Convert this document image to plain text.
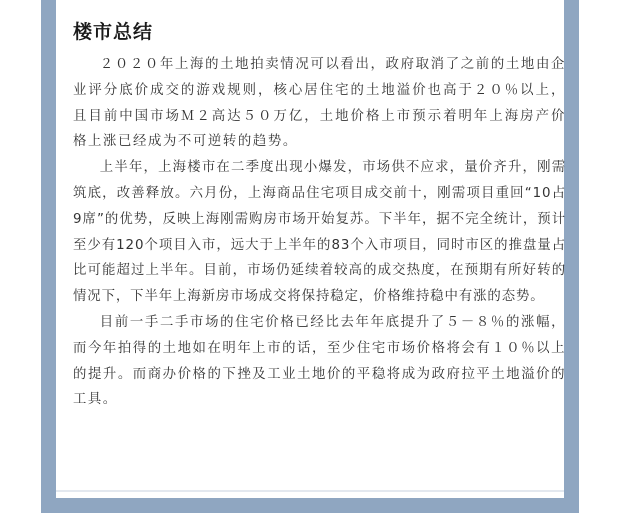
楼市总结

２０２０年上海的土地拍卖情况可以看出，政府取消了之前的土地由企业评分底价成交的游戏规则，核心居住宅的土地溢价也高于２０％以上，且目前中国市场Ｍ２高达５０万亿，土地价格上市预示着明年上海房产价格上涨已经成为不可逆转的趋势。

上半年，上海楼市在二季度出现小爆发，市场供不应求，量价齐升，刚需筑底，改善释放。六月份，上海商品住宅项目成交前十，刚需项目重回“10占9席”的优势，反映上海刚需购房市场开始复苏。下半年，据不完全统计，预计至少有120个项目入市，远大于上半年的83个入市项目，同时市区的推盘量占比可能超过上半年。目前，市场仍延续着较高的成交热度，在预期有所好转的情况下，下半年上海新房市场成交将保持稳定，价格维持稳中有涨的态势。

目前一手二手市场的住宅价格已经比去年年底提升了５－８％的涨幅，而今年拍得的土地如在明年上市的话，至少住宅市场价格将会有１０％以上的提升。而商办价格的下挫及工业土地价的平稳将成为政府拉平土地溢价的工具。
